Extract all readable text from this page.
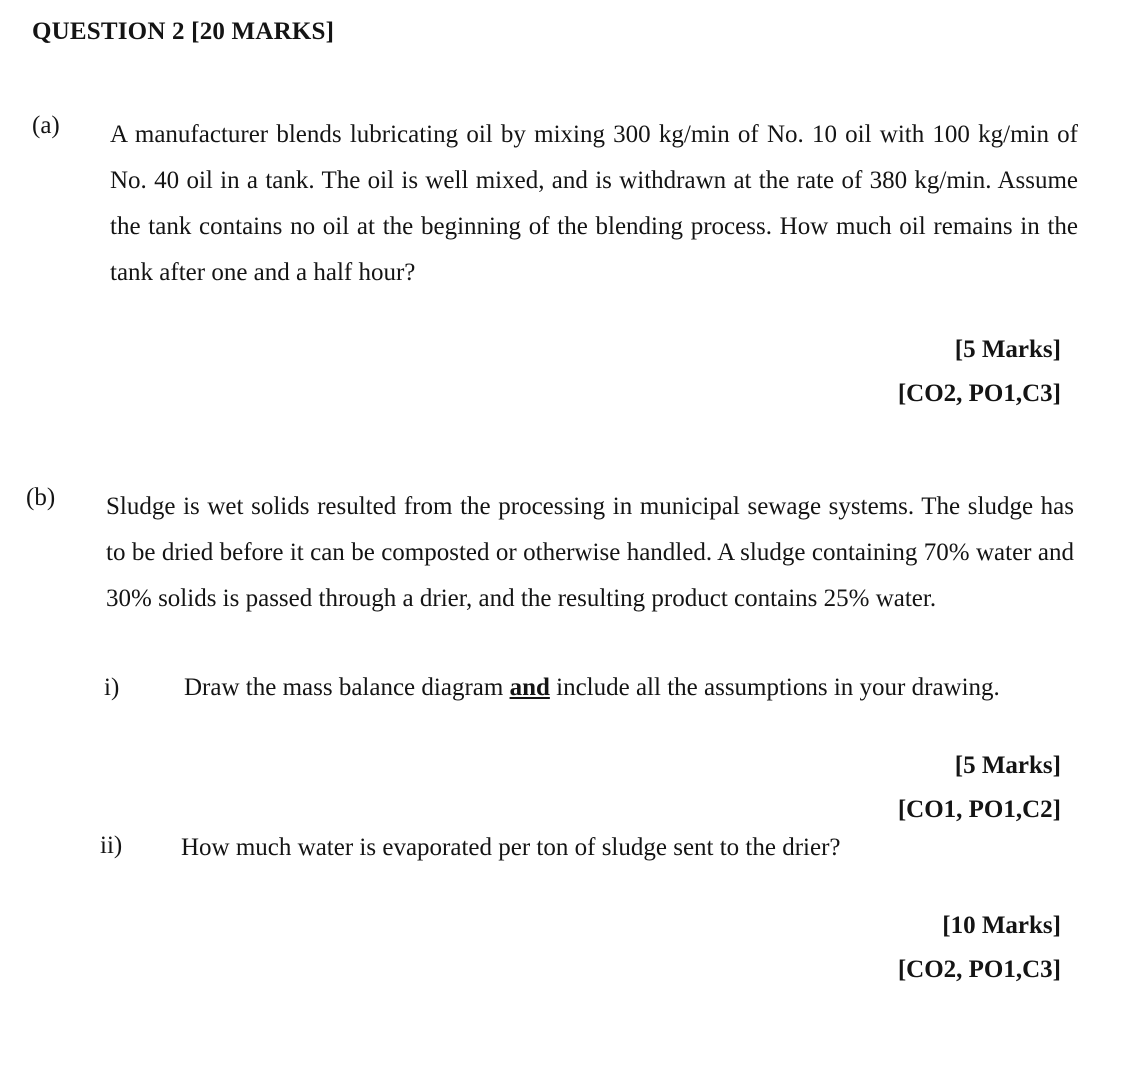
QUESTION 2 [20 MARKS]
(a) A manufacturer blends lubricating oil by mixing 300 kg/min of No. 10 oil with 100 kg/min of No. 40 oil in a tank. The oil is well mixed, and is withdrawn at the rate of 380 kg/min. Assume the tank contains no oil at the beginning of the blending process. How much oil remains in the tank after one and a half hour?
[5 Marks]
[CO2, PO1,C3]
(b) Sludge is wet solids resulted from the processing in municipal sewage systems. The sludge has to be dried before it can be composted or otherwise handled. A sludge containing 70% water and 30% solids is passed through a drier, and the resulting product contains 25% water.
i)	Draw the mass balance diagram and include all the assumptions in your drawing.
[5 Marks]
[CO1, PO1,C2]
ii) How much water is evaporated per ton of sludge sent to the drier?
[10 Marks]
[CO2, PO1,C3]
